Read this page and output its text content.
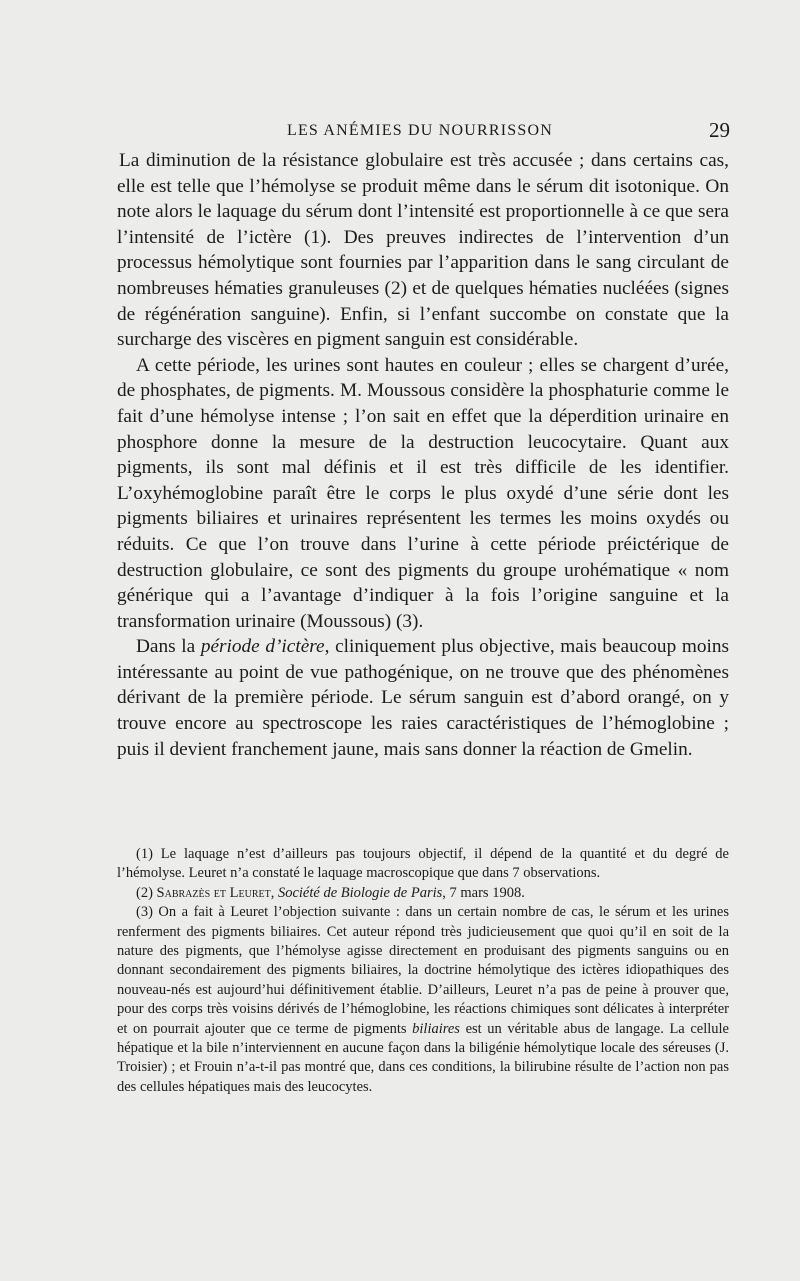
LES ANÉMIES DU NOURRISSON	29

La diminution de la résistance globulaire est très accusée ; dans certains cas, elle est telle que l’hémolyse se produit même dans le sérum dit isotonique. On note alors le laquage du sérum dont l’intensité est proportionnelle à ce que sera l’intensité de l’ictère (1). Des preuves indirectes de l’intervention d’un processus hémolytique sont fournies par l’apparition dans le sang circulant de nombreuses hématies granuleuses (2) et de quelques hématies nucléées (signes de régénération sanguine). Enfin, si l’enfant succombe on constate que la surcharge des viscères en pigment sanguin est considérable.

A cette période, les urines sont hautes en couleur ; elles se chargent d’urée, de phosphates, de pigments. M. Moussous considère la phosphaturie comme le fait d’une hémolyse intense ; l’on sait en effet que la déperdition urinaire en phosphore donne la mesure de la destruction leucocytaire. Quant aux pigments, ils sont mal définis et il est très difficile de les identifier. L’oxyhémoglobine paraît être le corps le plus oxydé d’une série dont les pigments biliaires et urinaires représentent les termes les moins oxydés ou réduits. Ce que l’on trouve dans l’urine à cette période préictérique de destruction globulaire, ce sont des pigments du groupe urohématique « nom générique qui a l’avantage d’indiquer à la fois l’origine sanguine et la transformation urinaire (Moussous) (3).

Dans la période d’ictère, cliniquement plus objective, mais beaucoup moins intéressante au point de vue pathogénique, on ne trouve que des phénomènes dérivant de la première période. Le sérum sanguin est d’abord orangé, on y trouve encore au spectroscope les raies caractéristiques de l’hémoglobine ; puis il devient franchement jaune, mais sans donner la réaction de Gmelin.

(1) Le laquage n’est d’ailleurs pas toujours objectif, il dépend de la quantité et du degré de l’hémolyse. Leuret n’a constaté le laquage macroscopique que dans 7 observations.

(2) Sabrazès et Leuret, Société de Biologie de Paris, 7 mars 1908.

(3) On a fait à Leuret l’objection suivante : dans un certain nombre de cas, le sérum et les urines renferment des pigments biliaires. Cet auteur répond très judicieusement que quoi qu’il en soit de la nature des pigments, que l’hémolyse agisse directement en produisant des pigments sanguins ou en donnant secondairement des pigments biliaires, la doctrine hémolytique des ictères idiopathiques des nouveau-nés est aujourd’hui définitivement établie. D’ailleurs, Leuret n’a pas de peine à prouver que, pour des corps très voisins dérivés de l’hémoglobine, les réactions chimiques sont délicates à interpréter et on pourrait ajouter que ce terme de pigments biliaires est un véritable abus de langage. La cellule hépatique et la bile n’interviennent en aucune façon dans la biligénie hémolytique locale des séreuses (J. Troisier) ; et Frouin n’a-t-il pas montré que, dans ces conditions, la bilirubine résulte de l’action non pas des cellules hépatiques mais des leucocytes.
